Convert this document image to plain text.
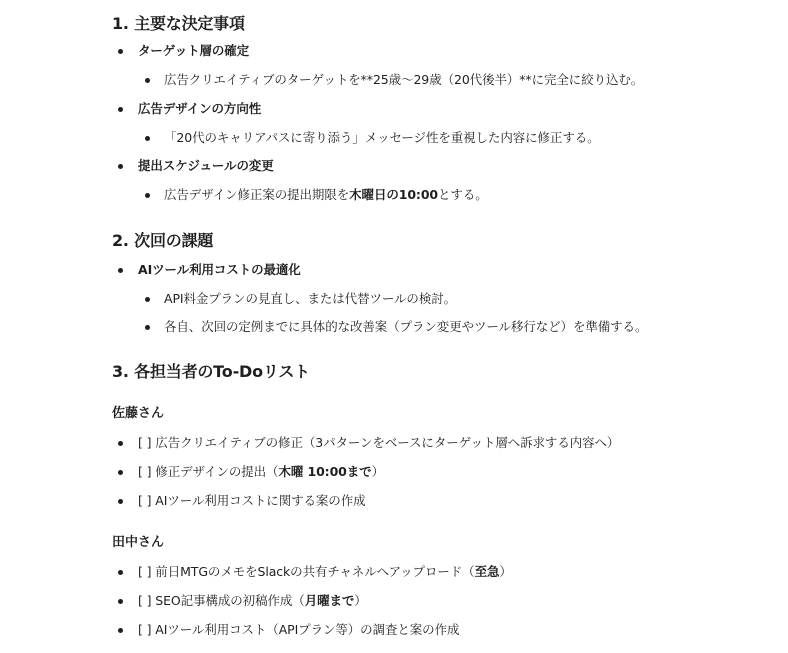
1. 主要な決定事項
ターゲット層の確定
広告クリエイティブのターゲットを**25歳〜29歳（20代後半）**に完全に絞り込む。
広告デザインの方向性
「20代のキャリアパスに寄り添う」メッセージ性を重視した内容に修正する。
提出スケジュールの変更
広告デザイン修正案の提出期限を木曜日の10:00とする。
2. 次回の課題
AIツール利用コストの最適化
API料金プランの見直し、または代替ツールの検討。
各自、次回の定例までに具体的な改善案（プラン変更やツール移行など）を準備する。
3. 各担当者のTo-Doリスト
佐藤さん
[ ] 広告クリエイティブの修正（3パターンをベースにターゲット層へ訴求する内容へ）
[ ] 修正デザインの提出（木曜 10:00まで）
[ ] AIツール利用コストに関する案の作成
田中さん
[ ] 前日MTGのメモをSlackの共有チャネルへアップロード（至急）
[ ] SEO記事構成の初稿作成（月曜まで）
[ ] AIツール利用コスト（APIプラン等）の調査と案の作成
